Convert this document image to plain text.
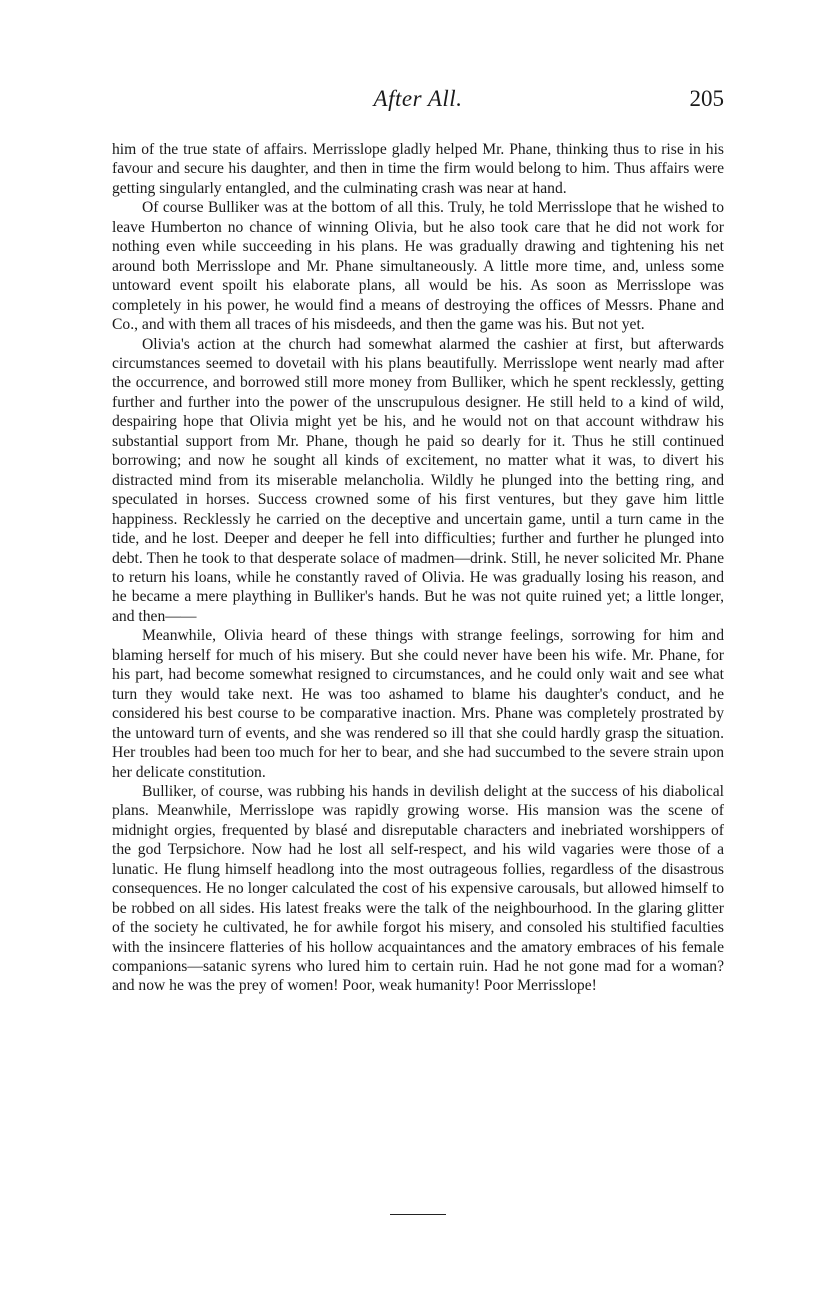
After All.	205

him of the true state of affairs. Merrisslope gladly helped Mr. Phane, thinking thus to rise in his favour and secure his daughter, and then in time the firm would belong to him. Thus affairs were getting singularly entangled, and the culminating crash was near at hand.

Of course Bulliker was at the bottom of all this. Truly, he told Merrisslope that he wished to leave Humberton no chance of winning Olivia, but he also took care that he did not work for nothing even while succeeding in his plans. He was gradually drawing and tightening his net around both Merrisslope and Mr. Phane simultaneously. A little more time, and, unless some untoward event spoilt his elaborate plans, all would be his. As soon as Merrisslope was completely in his power, he would find a means of destroying the offices of Messrs. Phane and Co., and with them all traces of his misdeeds, and then the game was his. But not yet.

Olivia's action at the church had somewhat alarmed the cashier at first, but afterwards circumstances seemed to dovetail with his plans beautifully. Merrisslope went nearly mad after the occurrence, and borrowed still more money from Bulliker, which he spent recklessly, getting further and further into the power of the unscrupulous designer. He still held to a kind of wild, despairing hope that Olivia might yet be his, and he would not on that account withdraw his substantial support from Mr. Phane, though he paid so dearly for it. Thus he still continued borrowing; and now he sought all kinds of excitement, no matter what it was, to divert his distracted mind from its miserable melancholia. Wildly he plunged into the betting ring, and speculated in horses. Success crowned some of his first ventures, but they gave him little happiness. Recklessly he carried on the deceptive and uncertain game, until a turn came in the tide, and he lost. Deeper and deeper he fell into difficulties; further and further he plunged into debt. Then he took to that desperate solace of madmen—drink. Still, he never solicited Mr. Phane to return his loans, while he constantly raved of Olivia. He was gradually losing his reason, and he became a mere plaything in Bulliker's hands. But he was not quite ruined yet; a little longer, and then——

Meanwhile, Olivia heard of these things with strange feelings, sorrowing for him and blaming herself for much of his misery. But she could never have been his wife. Mr. Phane, for his part, had become somewhat resigned to circumstances, and he could only wait and see what turn they would take next. He was too ashamed to blame his daughter's conduct, and he considered his best course to be comparative inaction. Mrs. Phane was completely prostrated by the untoward turn of events, and she was rendered so ill that she could hardly grasp the situation. Her troubles had been too much for her to bear, and she had succumbed to the severe strain upon her delicate constitution.

Bulliker, of course, was rubbing his hands in devilish delight at the success of his diabolical plans. Meanwhile, Merrisslope was rapidly growing worse. His mansion was the scene of midnight orgies, frequented by blasé and disreputable characters and inebriated worshippers of the god Terpsichore. Now had he lost all self-respect, and his wild vagaries were those of a lunatic. He flung himself headlong into the most outrageous follies, regardless of the disastrous consequences. He no longer calculated the cost of his expensive carousals, but allowed himself to be robbed on all sides. His latest freaks were the talk of the neighbourhood. In the glaring glitter of the society he cultivated, he for awhile forgot his misery, and consoled his stultified faculties with the insincere flatteries of his hollow acquaintances and the amatory embraces of his female companions—satanic syrens who lured him to certain ruin. Had he not gone mad for a woman? and now he was the prey of women! Poor, weak humanity! Poor Merrisslope!
